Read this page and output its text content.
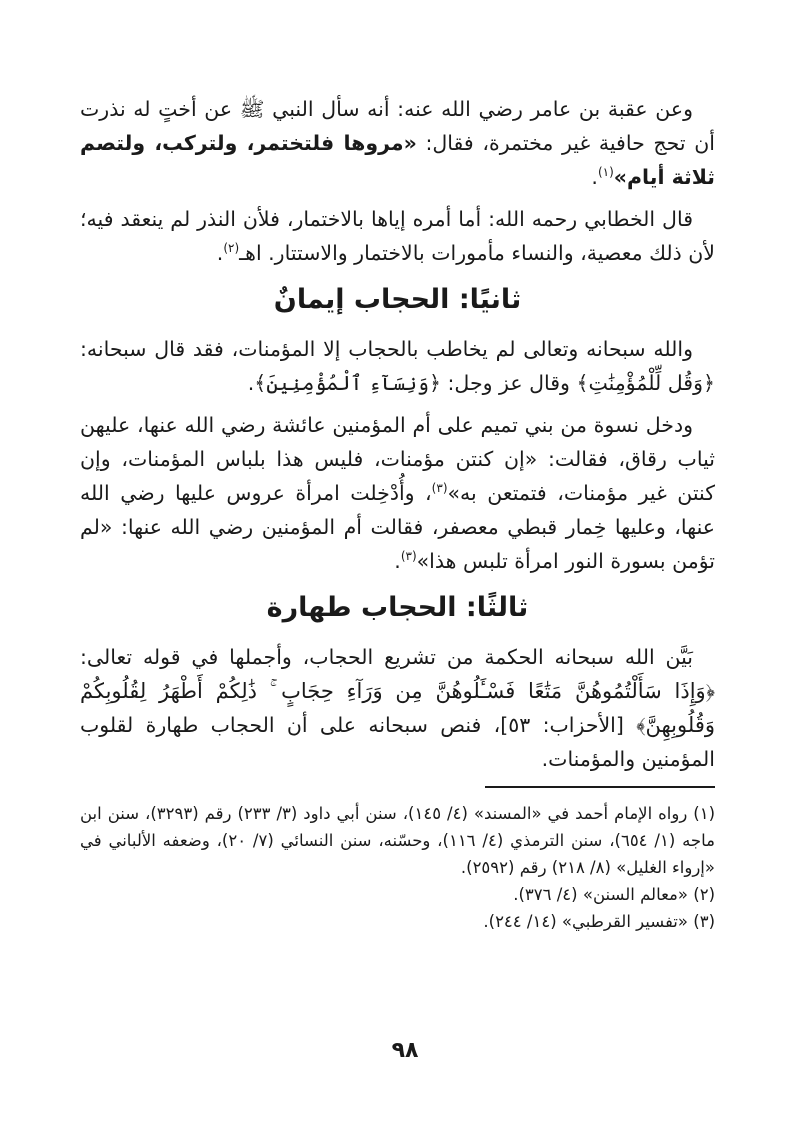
وعن عقبة بن عامر رضي الله عنه: أنه سأل النبي ﷺ عن أختٍ له نذرت أن تحج حافية غير مختمرة، فقال: «مروها فلتختمر، ولتركب، ولتصم ثلاثة أيام»$^{(١)}$.

قال الخطابي رحمه الله: أما أمره إياها بالاختمار، فلأن النذر لم ينعقد فيه؛ لأن ذلك معصية، والنساء مأمورات بالاختمار والاستتار. اهـ$^{(٢)}$.

ثانيًا: الحجاب إيمانٌ

والله سبحانه وتعالى لم يخاطب بالحجاب إلا المؤمنات، فقد قال سبحانه: ﴿وَقُل لِّلْمُؤْمِنَٰتِ﴾ وقال عز وجل: ﴿وَنِسَآءِ ٱلْمُؤْمِنِينَ﴾.

ودخل نسوة من بني تميم على أم المؤمنين عائشة رضي الله عنها، عليهن ثياب رقاق، فقالت: «إن كنتن مؤمنات، فليس هذا بلباس المؤمنات، وإن كنتن غير مؤمنات، فتمتعن به»$^{(٣)}$، وأُدْخِلت امرأة عروس عليها رضي الله عنها، وعليها خِمار قبطي معصفر، فقالت أم المؤمنين رضي الله عنها: «لم تؤمن بسورة النور امرأة تلبس هذا»$^{(٣)}$.

ثالثًا: الحجاب طهارة

بَيَّن الله سبحانه الحكمة من تشريع الحجاب، وأجملها في قوله تعالى: ﴿وَإِذَا سَأَلْتُمُوهُنَّ مَتَٰعًا فَسْـَٔلُوهُنَّ مِن وَرَآءِ حِجَابٍ ۚ ذَٰلِكُمْ أَطْهَرُ لِقُلُوبِكُمْ وَقُلُوبِهِنَّ﴾ [الأحزاب: ٥٣]، فنص سبحانه على أن الحجاب طهارة لقلوب المؤمنين والمؤمنات.

(١) رواه الإمام أحمد في «المسند» (٤/ ١٤٥)، سنن أبي داود (٣/ ٢٣٣) رقم (٣٢٩٣)، سنن ابن ماجه (١/ ٦٥٤)، سنن الترمذي (٤/ ١١٦)، وحسّنه، سنن النسائي (٧/ ٢٠)، وضعفه الألباني في «إرواء الغليل» (٨/ ٢١٨) رقم (٢٥٩٢).

(٢) «معالم السنن» (٤/ ٣٧٦).

(٣) «تفسير القرطبي» (١٤/ ٢٤٤).

٩٨
